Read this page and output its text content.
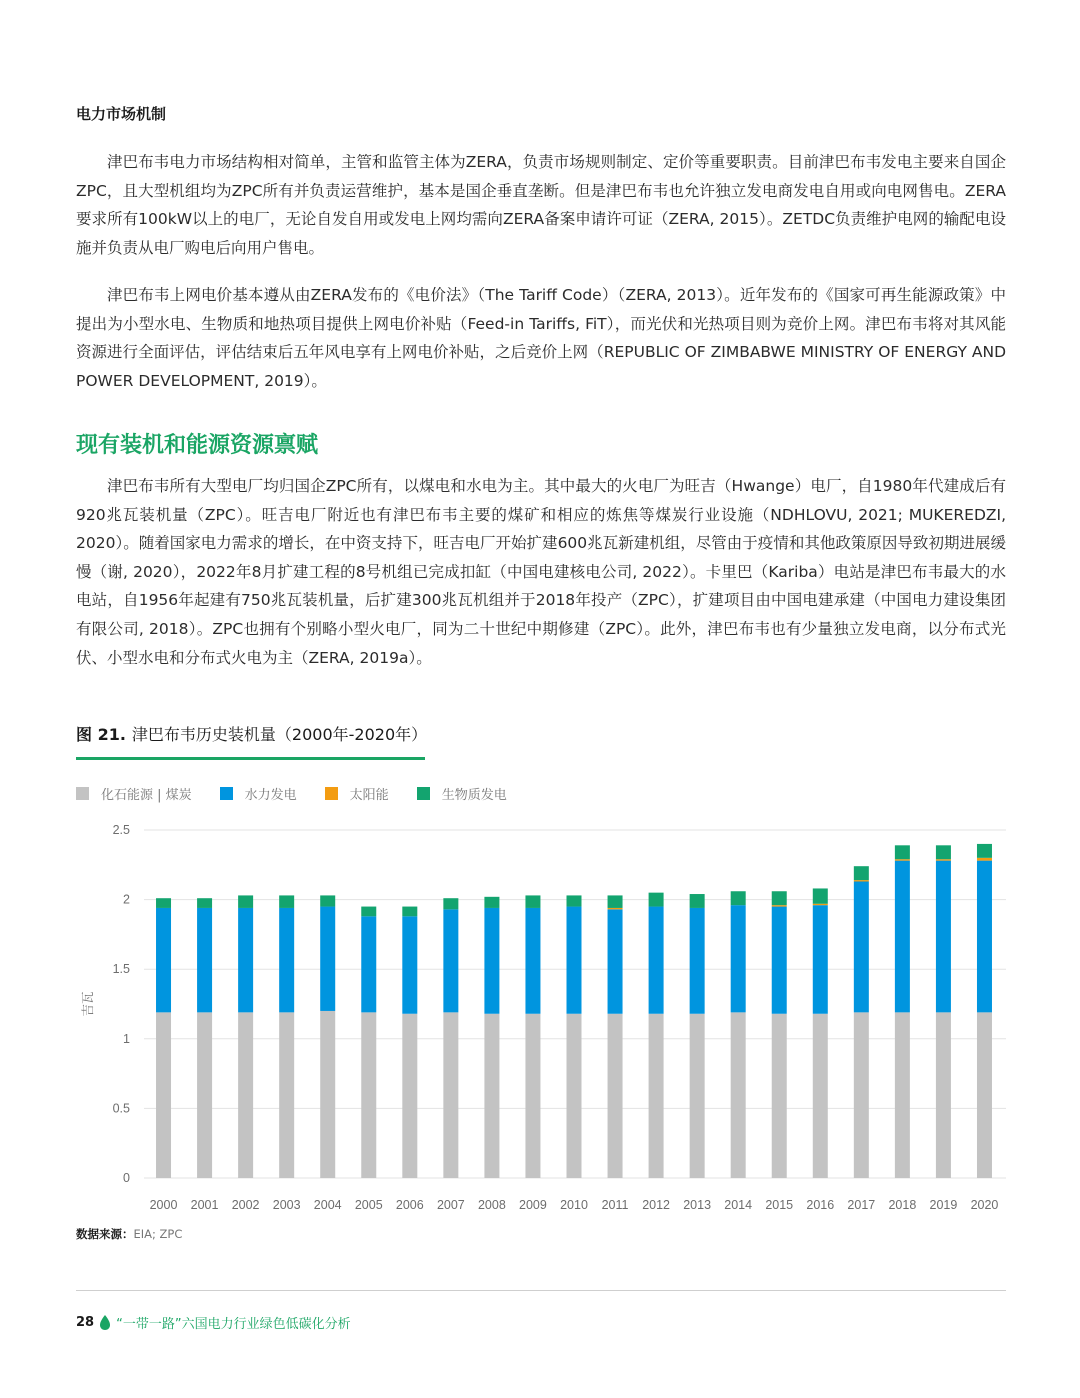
电力市场机制

津巴布韦电力市场结构相对简单，主管和监管主体为ZERA，负责市场规则制定、定价等重要职责。目前津巴布韦发电主要来自国企ZPC，且大型机组均为ZPC所有并负责运营维护，基本是国企垂直垄断。但是津巴布韦也允许独立发电商发电自用或向电网售电。ZERA要求所有100kW以上的电厂，无论自发自用或发电上网均需向ZERA备案申请许可证（ZERA, 2015）。ZETDC负责维护电网的输配电设施并负责从电厂购电后向用户售电。

津巴布韦上网电价基本遵从由ZERA发布的《电价法》（The Tariff Code）（ZERA, 2013）。近年发布的《国家可再生能源政策》中提出为小型水电、生物质和地热项目提供上网电价补贴（Feed-in Tariffs, FiT），而光伏和光热项目则为竞价上网。津巴布韦将对其风能资源进行全面评估，评估结束后五年风电享有上网电价补贴，之后竞价上网（REPUBLIC OF ZIMBABWE MINISTRY OF ENERGY AND POWER DEVELOPMENT, 2019）。

现有装机和能源资源禀赋

津巴布韦所有大型电厂均归国企ZPC所有，以煤电和水电为主。其中最大的火电厂为旺吉（Hwange）电厂，自1980年代建成后有920兆瓦装机量（ZPC）。旺吉电厂附近也有津巴布韦主要的煤矿和相应的炼焦等煤炭行业设施（NDHLOVU, 2021; MUKEREDZI, 2020）。随着国家电力需求的增长，在中资支持下，旺吉电厂开始扩建600兆瓦新建机组，尽管由于疫情和其他政策原因导致初期进展缓慢（谢, 2020），2022年8月扩建工程的8号机组已完成扣缸（中国电建核电公司, 2022）。卡里巴（Kariba）电站是津巴布韦最大的水电站，自1956年起建有750兆瓦装机量，后扩建300兆瓦机组并于2018年投产（ZPC），扩建项目由中国电建承建（中国电力建设集团有限公司, 2018）。ZPC也拥有个别略小型火电厂，同为二十世纪中期修建（ZPC）。此外，津巴布韦也有少量独立发电商，以分布式光伏、小型水电和分布式火电为主（ZERA, 2019a）。

图 21. 津巴布韦历史装机量（2000年-2020年）
化石能源 | 煤炭	水力发电	太阳能	生物质发电
0
0.5
1
1.5
2
2.5
吉瓦
2000 2001 2002 2003 2004 2005 2006 2007 2008 2009 2010 2011 2012 2013 2014 2015 2016 2017 2018 2019 2020
数据来源：EIA; ZPC
28 “一带一路”六国电力行业绿色低碳化分析
